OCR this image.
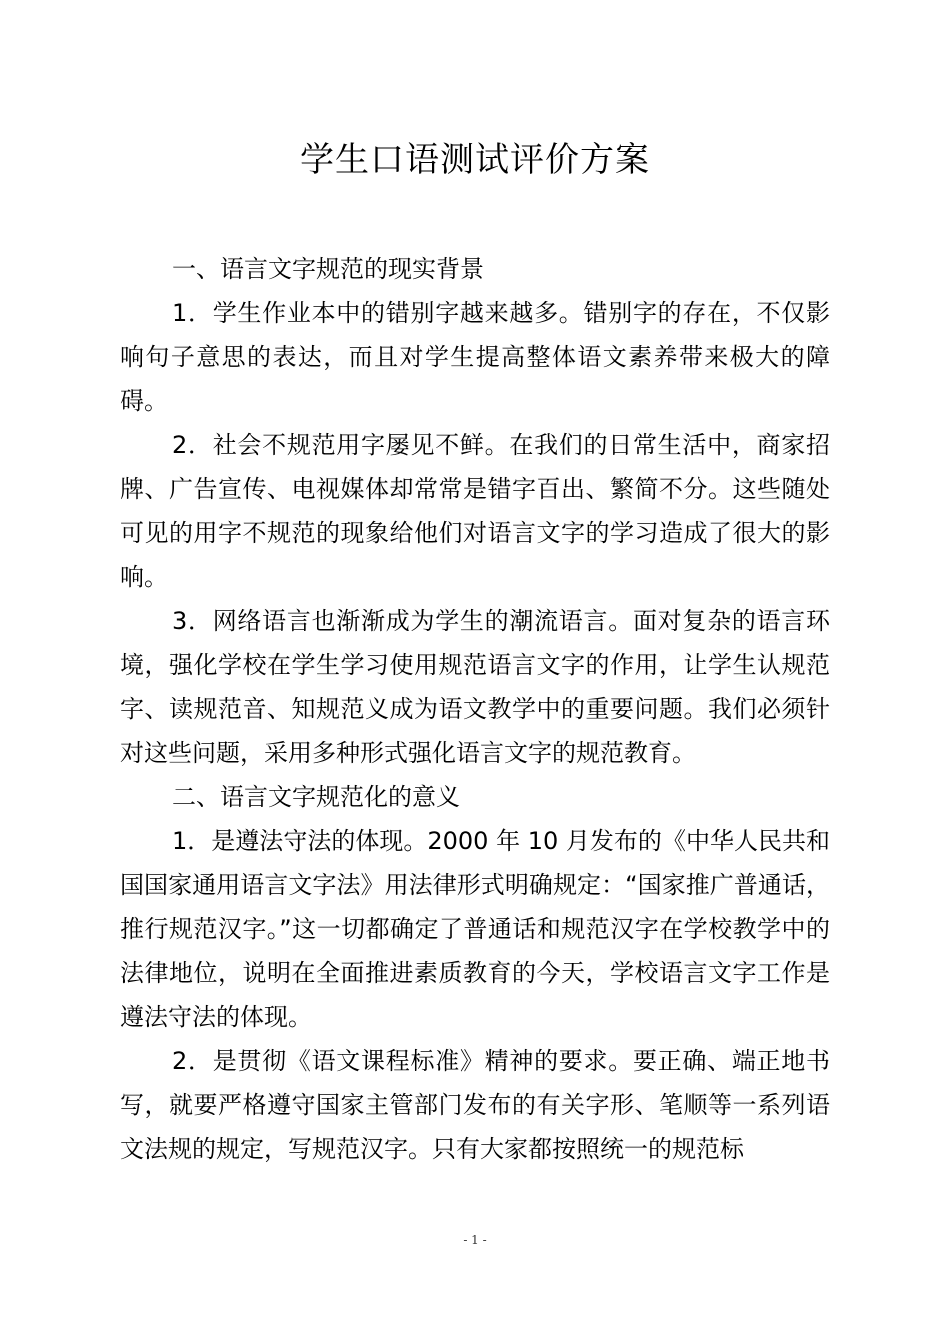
学生口语测试评价方案

一、语言文字规范的现实背景

1．学生作业本中的错别字越来越多。错别字的存在，不仅影响句子意思的表达，而且对学生提高整体语文素养带来极大的障碍。

2．社会不规范用字屡见不鲜。在我们的日常生活中，商家招牌、广告宣传、电视媒体却常常是错字百出、繁简不分。这些随处可见的用字不规范的现象给他们对语言文字的学习造成了很大的影响。

3．网络语言也渐渐成为学生的潮流语言。面对复杂的语言环境，强化学校在学生学习使用规范语言文字的作用，让学生认规范字、读规范音、知规范义成为语文教学中的重要问题。我们必须针对这些问题，采用多种形式强化语言文字的规范教育。

二、语言文字规范化的意义

1．是遵法守法的体现。2000 年 10 月发布的《中华人民共和国国家通用语言文字法》用法律形式明确规定：“国家推广普通话，推行规范汉字。”这一切都确定了普通话和规范汉字在学校教学中的法律地位，说明在全面推进素质教育的今天，学校语言文字工作是遵法守法的体现。

2．是贯彻《语文课程标准》精神的要求。要正确、端正地书写，就要严格遵守国家主管部门发布的有关字形、笔顺等一系列语文法规的规定，写规范汉字。只有大家都按照统一的规范标

- 1 -
